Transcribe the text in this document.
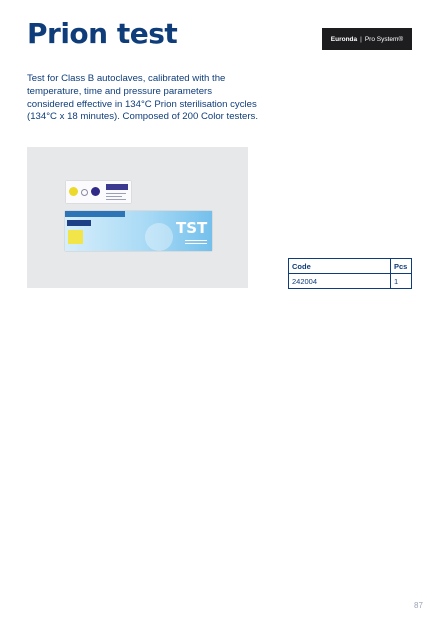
Prion test	Euronda | Pro System®

Test for Class B autoclaves, calibrated with the temperature, time and pressure parameters considered effective in 134°C Prion sterilisation cycles (134°C x 18 minutes). Composed of 200 Color testers.

TST
Code	Pcs
242004	1
87
